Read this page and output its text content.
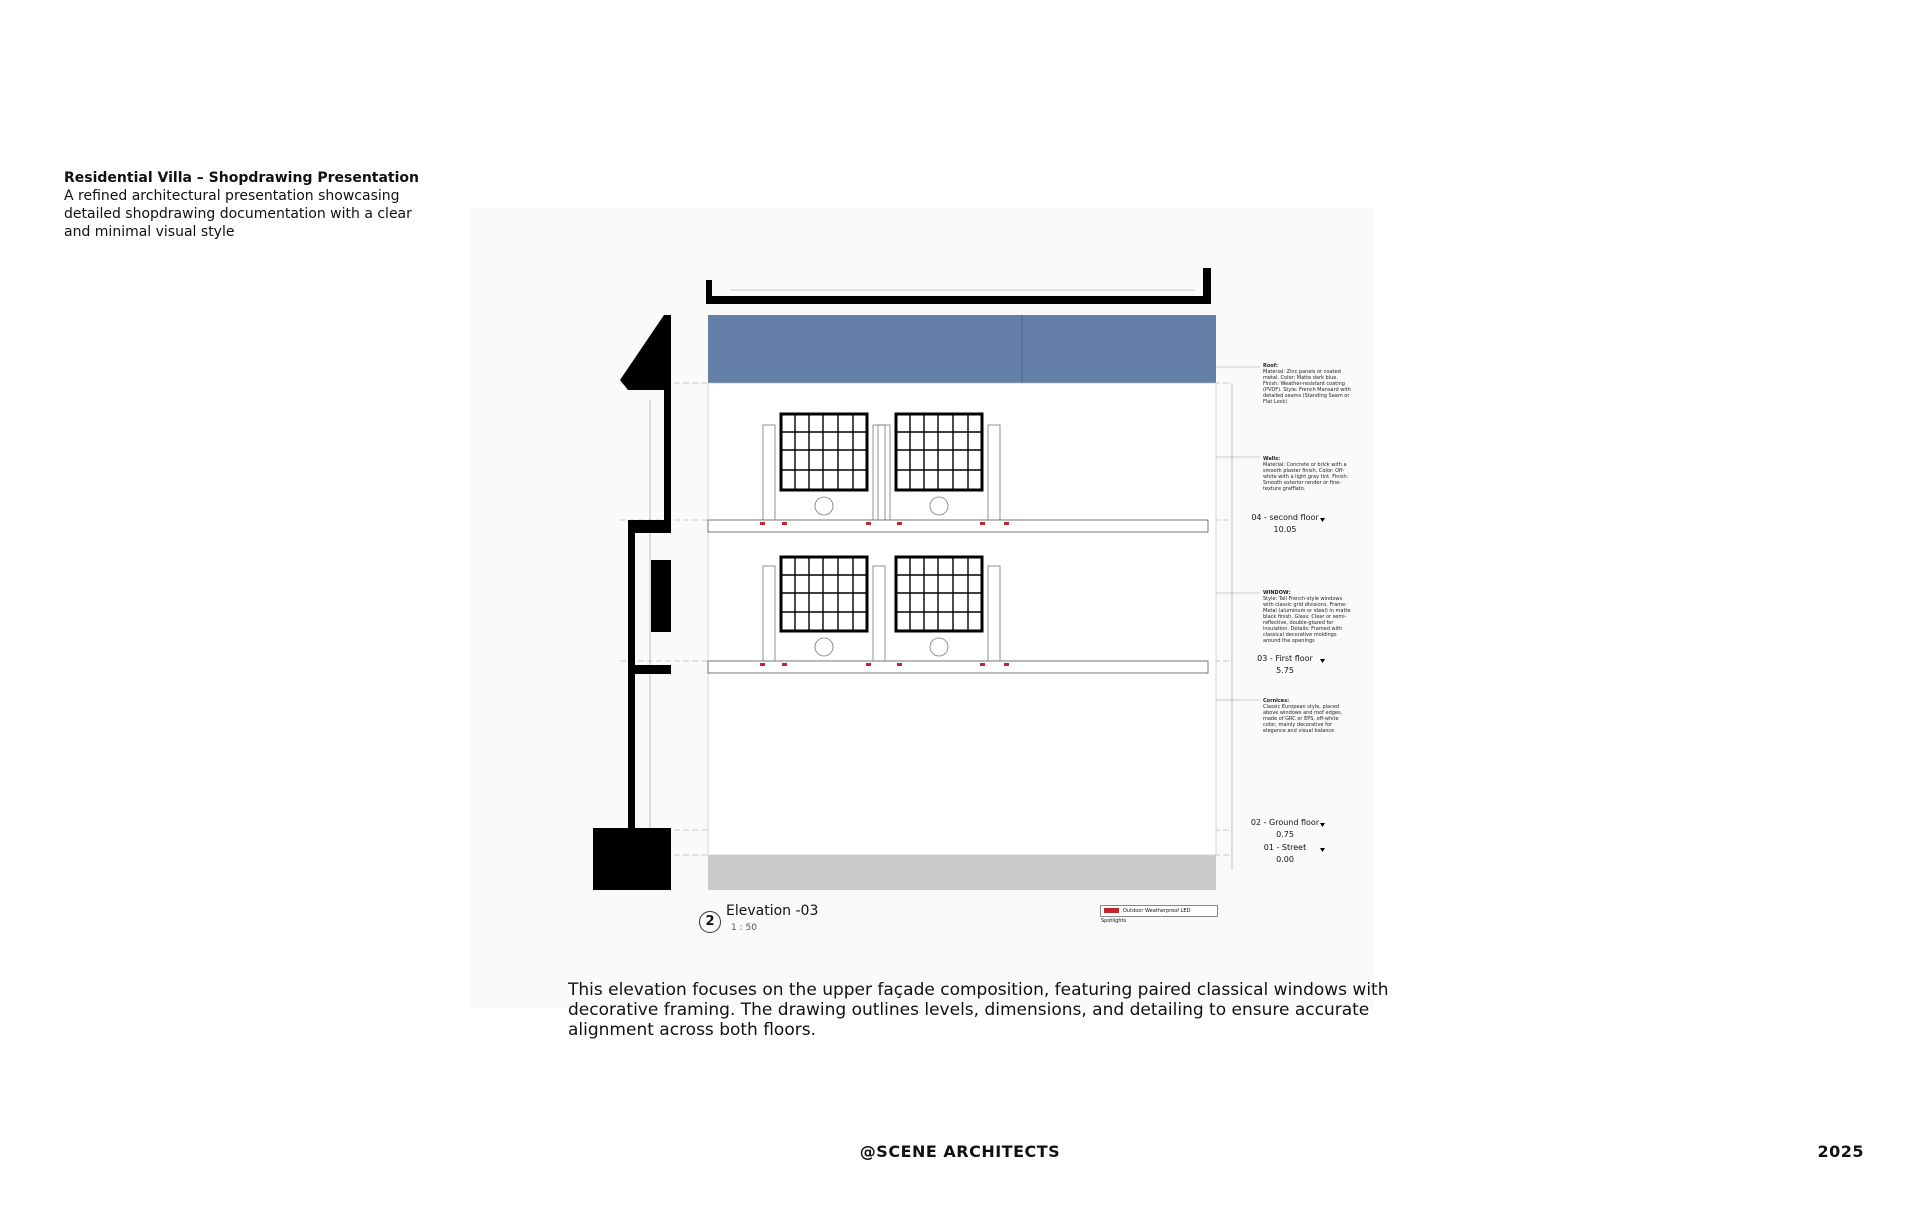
Residential Villa – Shopdrawing Presentation
A refined architectural presentation showcasing detailed shopdrawing documentation with a clear and minimal visual style
Roof:
Material: Zinc panels or coated metal. Color: Matte dark blue. Finish: Weather-resistant coating (PVDF). Style: French Mansard with detailed seams (Standing Seam or Flat Lock)
Walls:
Material: Concrete or brick with a smooth plaster finish. Color: Off-white with a light gray tint. Finish: Smooth exterior render or fine-texture graffiato.
WINDOW:
Style: Tall French-style windows with classic grid divisions. Frame: Metal (aluminum or steel) in matte black finish. Glass: Clear or semi-reflective, double-glazed for insulation. Details: Framed with classical decorative moldings around the openings
Cornices:
Classic European style, placed above windows and roof edges, made of GRC or EPS, off-white color, mainly decorative for elegance and visual balance
04 - second floor
10.05
03 - First floor
5.75
02 - Ground floor
0.75
01 - Street
0.00
2
Elevation -03
1 : 50
Outdoor Weatherproof LED Spotlights
This elevation focuses on the upper façade composition, featuring paired classical windows with decorative framing. The drawing outlines levels, dimensions, and detailing to ensure accurate alignment across both floors.
@SCENE ARCHITECTS	2025
